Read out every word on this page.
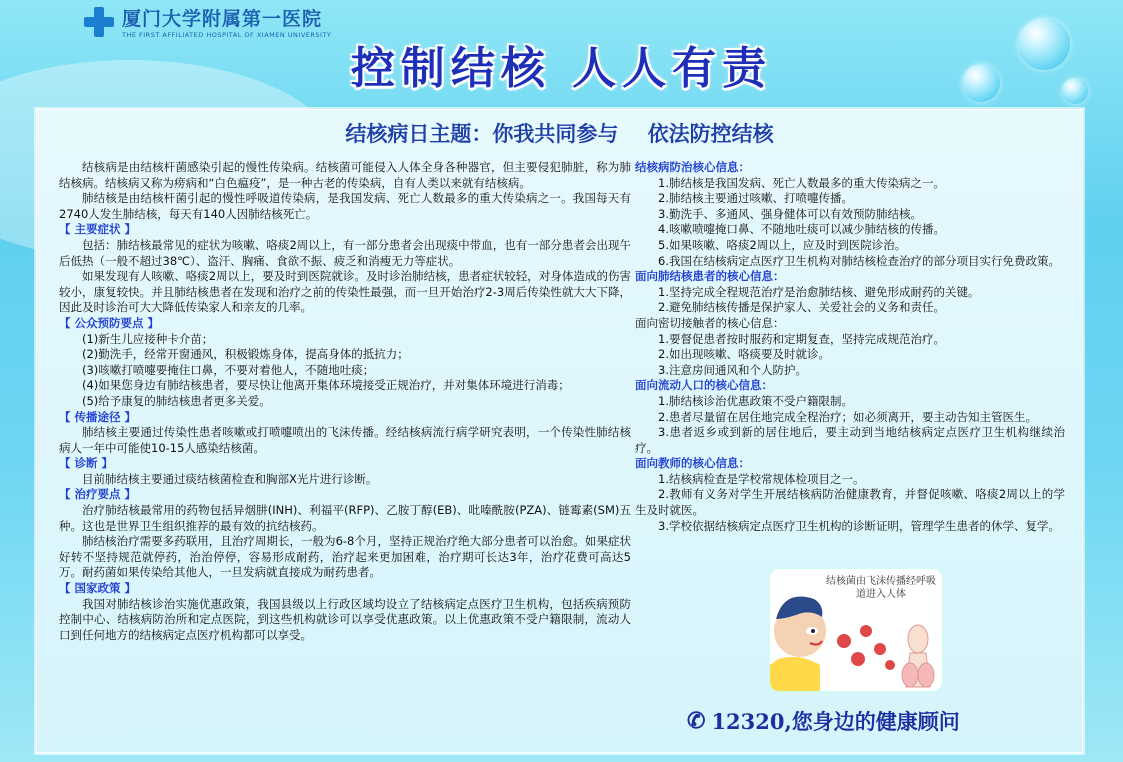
厦门大学附属第一医院
THE FIRST AFFILIATED HOSPITAL OF XIAMEN UNIVERSITY
控制结核 人人有责
结核病日主题：你我共同参与    依法防控结核

结核病是由结核杆菌感染引起的慢性传染病。结核菌可能侵入人体全身各种器官，但主要侵犯肺脏，称为肺结核病。结核病又称为痨病和“白色瘟疫”，是一种古老的传染病，自有人类以来就有结核病。

肺结核是由结核杆菌引起的慢性呼吸道传染病，是我国发病、死亡人数最多的重大传染病之一。我国每天有2740人发生肺结核，每天有140人因肺结核死亡。

【 主要症状 】

包括：肺结核最常见的症状为咳嗽、咯痰2周以上，有一部分患者会出现痰中带血，也有一部分患者会出现午后低热（一般不超过38℃）、盗汗、胸痛、食欲不振、疲乏和消瘦无力等症状。

如果发现有人咳嗽、咯痰2周以上，要及时到医院就诊。及时诊治肺结核，患者症状较轻，对身体造成的伤害较小，康复较快。并且肺结核患者在发现和治疗之前的传染性最强，而一旦开始治疗2-3周后传染性就大大下降，因此及时诊治可大大降低传染家人和亲友的几率。

【 公众预防要点 】

(1)新生儿应接种卡介苗；

(2)勤洗手，经常开窗通风，积极锻炼身体，提高身体的抵抗力；

(3)咳嗽打喷嚏要掩住口鼻，不要对着他人，不随地吐痰；

(4)如果您身边有肺结核患者，要尽快让他离开集体环境接受正规治疗，并对集体环境进行消毒；

(5)给予康复的肺结核患者更多关爱。

【 传播途径 】

肺结核主要通过传染性患者咳嗽或打喷嚏喷出的飞沫传播。经结核病流行病学研究表明，一个传染性肺结核病人一年中可能使10-15人感染结核菌。

【 诊断 】

目前肺结核主要通过痰结核菌检查和胸部X光片进行诊断。

【 治疗要点 】

治疗肺结核最常用的药物包括异烟肼(INH)、利福平(RFP)、乙胺丁醇(EB)、吡嗪酰胺(PZA)、链霉素(SM)五种。这也是世界卫生组织推荐的最有效的抗结核药。

肺结核治疗需要多药联用，且治疗周期长，一般为6-8个月，坚持正规治疗绝大部分患者可以治愈。如果症状好转不坚持规范就停药，治治停停，容易形成耐药，治疗起来更加困难，治疗期可长达3年，治疗花费可高达5万。耐药菌如果传染给其他人，一旦发病就直接成为耐药患者。

【 国家政策 】

我国对肺结核诊治实施优惠政策，我国县级以上行政区域均设立了结核病定点医疗卫生机构，包括疾病预防控制中心、结核病防治所和定点医院，到这些机构就诊可以享受优惠政策。以上优惠政策不受户籍限制，流动人口到任何地方的结核病定点医疗机构都可以享受。

结核病防治核心信息：

1.肺结核是我国发病、死亡人数最多的重大传染病之一。

2.肺结核主要通过咳嗽、打喷嚏传播。

3.勤洗手、多通风、强身健体可以有效预防肺结核。

4.咳嗽喷嚏掩口鼻、不随地吐痰可以减少肺结核的传播。

5.如果咳嗽、咯痰2周以上，应及时到医院诊治。

6.我国在结核病定点医疗卫生机构对肺结核检查治疗的部分项目实行免费政策。

面向肺结核患者的核心信息：

1.坚持完成全程规范治疗是治愈肺结核、避免形成耐药的关键。

2.避免肺结核传播是保护家人、关爱社会的义务和责任。

面向密切接触者的核心信息：

1.要督促患者按时服药和定期复查，坚持完成规范治疗。

2.如出现咳嗽、咯痰要及时就诊。

3.注意房间通风和个人防护。

面向流动人口的核心信息：

1.肺结核诊治优惠政策不受户籍限制。

2.患者尽量留在居住地完成全程治疗；如必须离开，要主动告知主管医生。

3.患者返乡或到新的居住地后，要主动到当地结核病定点医疗卫生机构继续治疗。

面向教师的核心信息：

1.结核病检查是学校常规体检项目之一。

2.教师有义务对学生开展结核病防治健康教育，并督促咳嗽、咯痰2周以上的学生及时就医。

3.学校依据结核病定点医疗卫生机构的诊断证明，管理学生患者的休学、复学。

结核菌由飞沫传播经呼吸道进入人体
✆ 12320,您身边的健康顾问
